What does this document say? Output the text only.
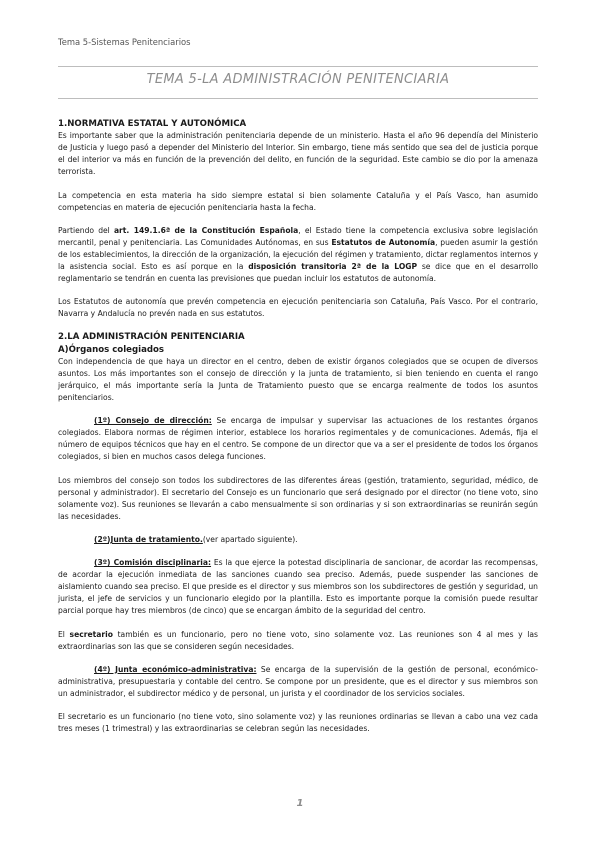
Tema 5-Sistemas Penitenciarios
TEMA 5-LA ADMINISTRACIÓN PENITENCIARIA
1.NORMATIVA ESTATAL Y AUTONÓMICA

Es importante saber que la administración penitenciaria depende de un ministerio. Hasta el año 96 dependía del Ministerio de Justicia y luego pasó a depender del Ministerio del Interior. Sin embargo, tiene más sentido que sea del de justicia porque el del interior va más en función de la prevención del delito, en función de la seguridad. Este cambio se dio por la amenaza terrorista.

La competencia en esta materia ha sido siempre estatal si bien solamente Cataluña y el País Vasco, han asumido competencias en materia de ejecución penitenciaria hasta la fecha.

Partiendo del art. 149.1.6ª de la Constitución Española, el Estado tiene la competencia exclusiva sobre legislación mercantil, penal y penitenciaria. Las Comunidades Autónomas, en sus Estatutos de Autonomía, pueden asumir la gestión de los establecimientos, la dirección de la organización, la ejecución del régimen y tratamiento, dictar reglamentos internos y la asistencia social. Esto es así porque en la disposición transitoria 2ª de la LOGP se dice que en el desarrollo reglamentario se tendrán en cuenta las previsiones que puedan incluir los estatutos de autonomía.

Los Estatutos de autonomía que prevén competencia en ejecución penitenciaria son Cataluña, País Vasco. Por el contrario, Navarra y Andalucía no prevén nada en sus estatutos.

2.LA ADMINISTRACIÓN PENITENCIARIA
A)Órganos colegiados

Con independencia de que haya un director en el centro, deben de existir órganos colegiados que se ocupen de diversos asuntos. Los más importantes son el consejo de dirección y la junta de tratamiento, si bien teniendo en cuenta el rango jerárquico, el más importante sería la Junta de Tratamiento puesto que se encarga realmente de todos los asuntos penitenciarios.

(1º) Consejo de dirección: Se encarga de impulsar y supervisar las actuaciones de los restantes órganos colegiados. Elabora normas de régimen interior, establece los horarios regimentales y de comunicaciones. Además, fija el número de equipos técnicos que hay en el centro. Se compone de un director que va a ser el presidente de todos los órganos colegiados, si bien en muchos casos delega funciones.

Los miembros del consejo son todos los subdirectores de las diferentes áreas (gestión, tratamiento, seguridad, médico, de personal y administrador). El secretario del Consejo es un funcionario que será designado por el director (no tiene voto, sino solamente voz). Sus reuniones se llevarán a cabo mensualmente si son ordinarias y si son extraordinarias se reunirán según las necesidades.

(2º)Junta de tratamiento.(ver apartado siguiente).

(3º) Comisión disciplinaria: Es la que ejerce la potestad disciplinaria de sancionar, de acordar las recompensas, de acordar la ejecución inmediata de las sanciones cuando sea preciso. Además, puede suspender las sanciones de aislamiento cuando sea preciso. El que preside es el director y sus miembros son los subdirectores de gestión y seguridad, un jurista, el jefe de servicios y un funcionario elegido por la plantilla. Esto es importante porque la comisión puede resultar parcial porque hay tres miembros (de cinco) que se encargan ámbito de la seguridad del centro.

El secretario también es un funcionario, pero no tiene voto, sino solamente voz. Las reuniones son 4 al mes y las extraordinarias son las que se consideren según necesidades.

(4º) Junta económico-administrativa: Se encarga de la supervisión de la gestión de personal, económico-administrativa, presupuestaria y contable del centro. Se compone por un presidente, que es el director y sus miembros son un administrador, el subdirector médico y de personal, un jurista y el coordinador de los servicios sociales.

El secretario es un funcionario (no tiene voto, sino solamente voz) y las reuniones ordinarias se llevan a cabo una vez cada tres meses (1 trimestral) y las extraordinarias se celebran según las necesidades.

1
